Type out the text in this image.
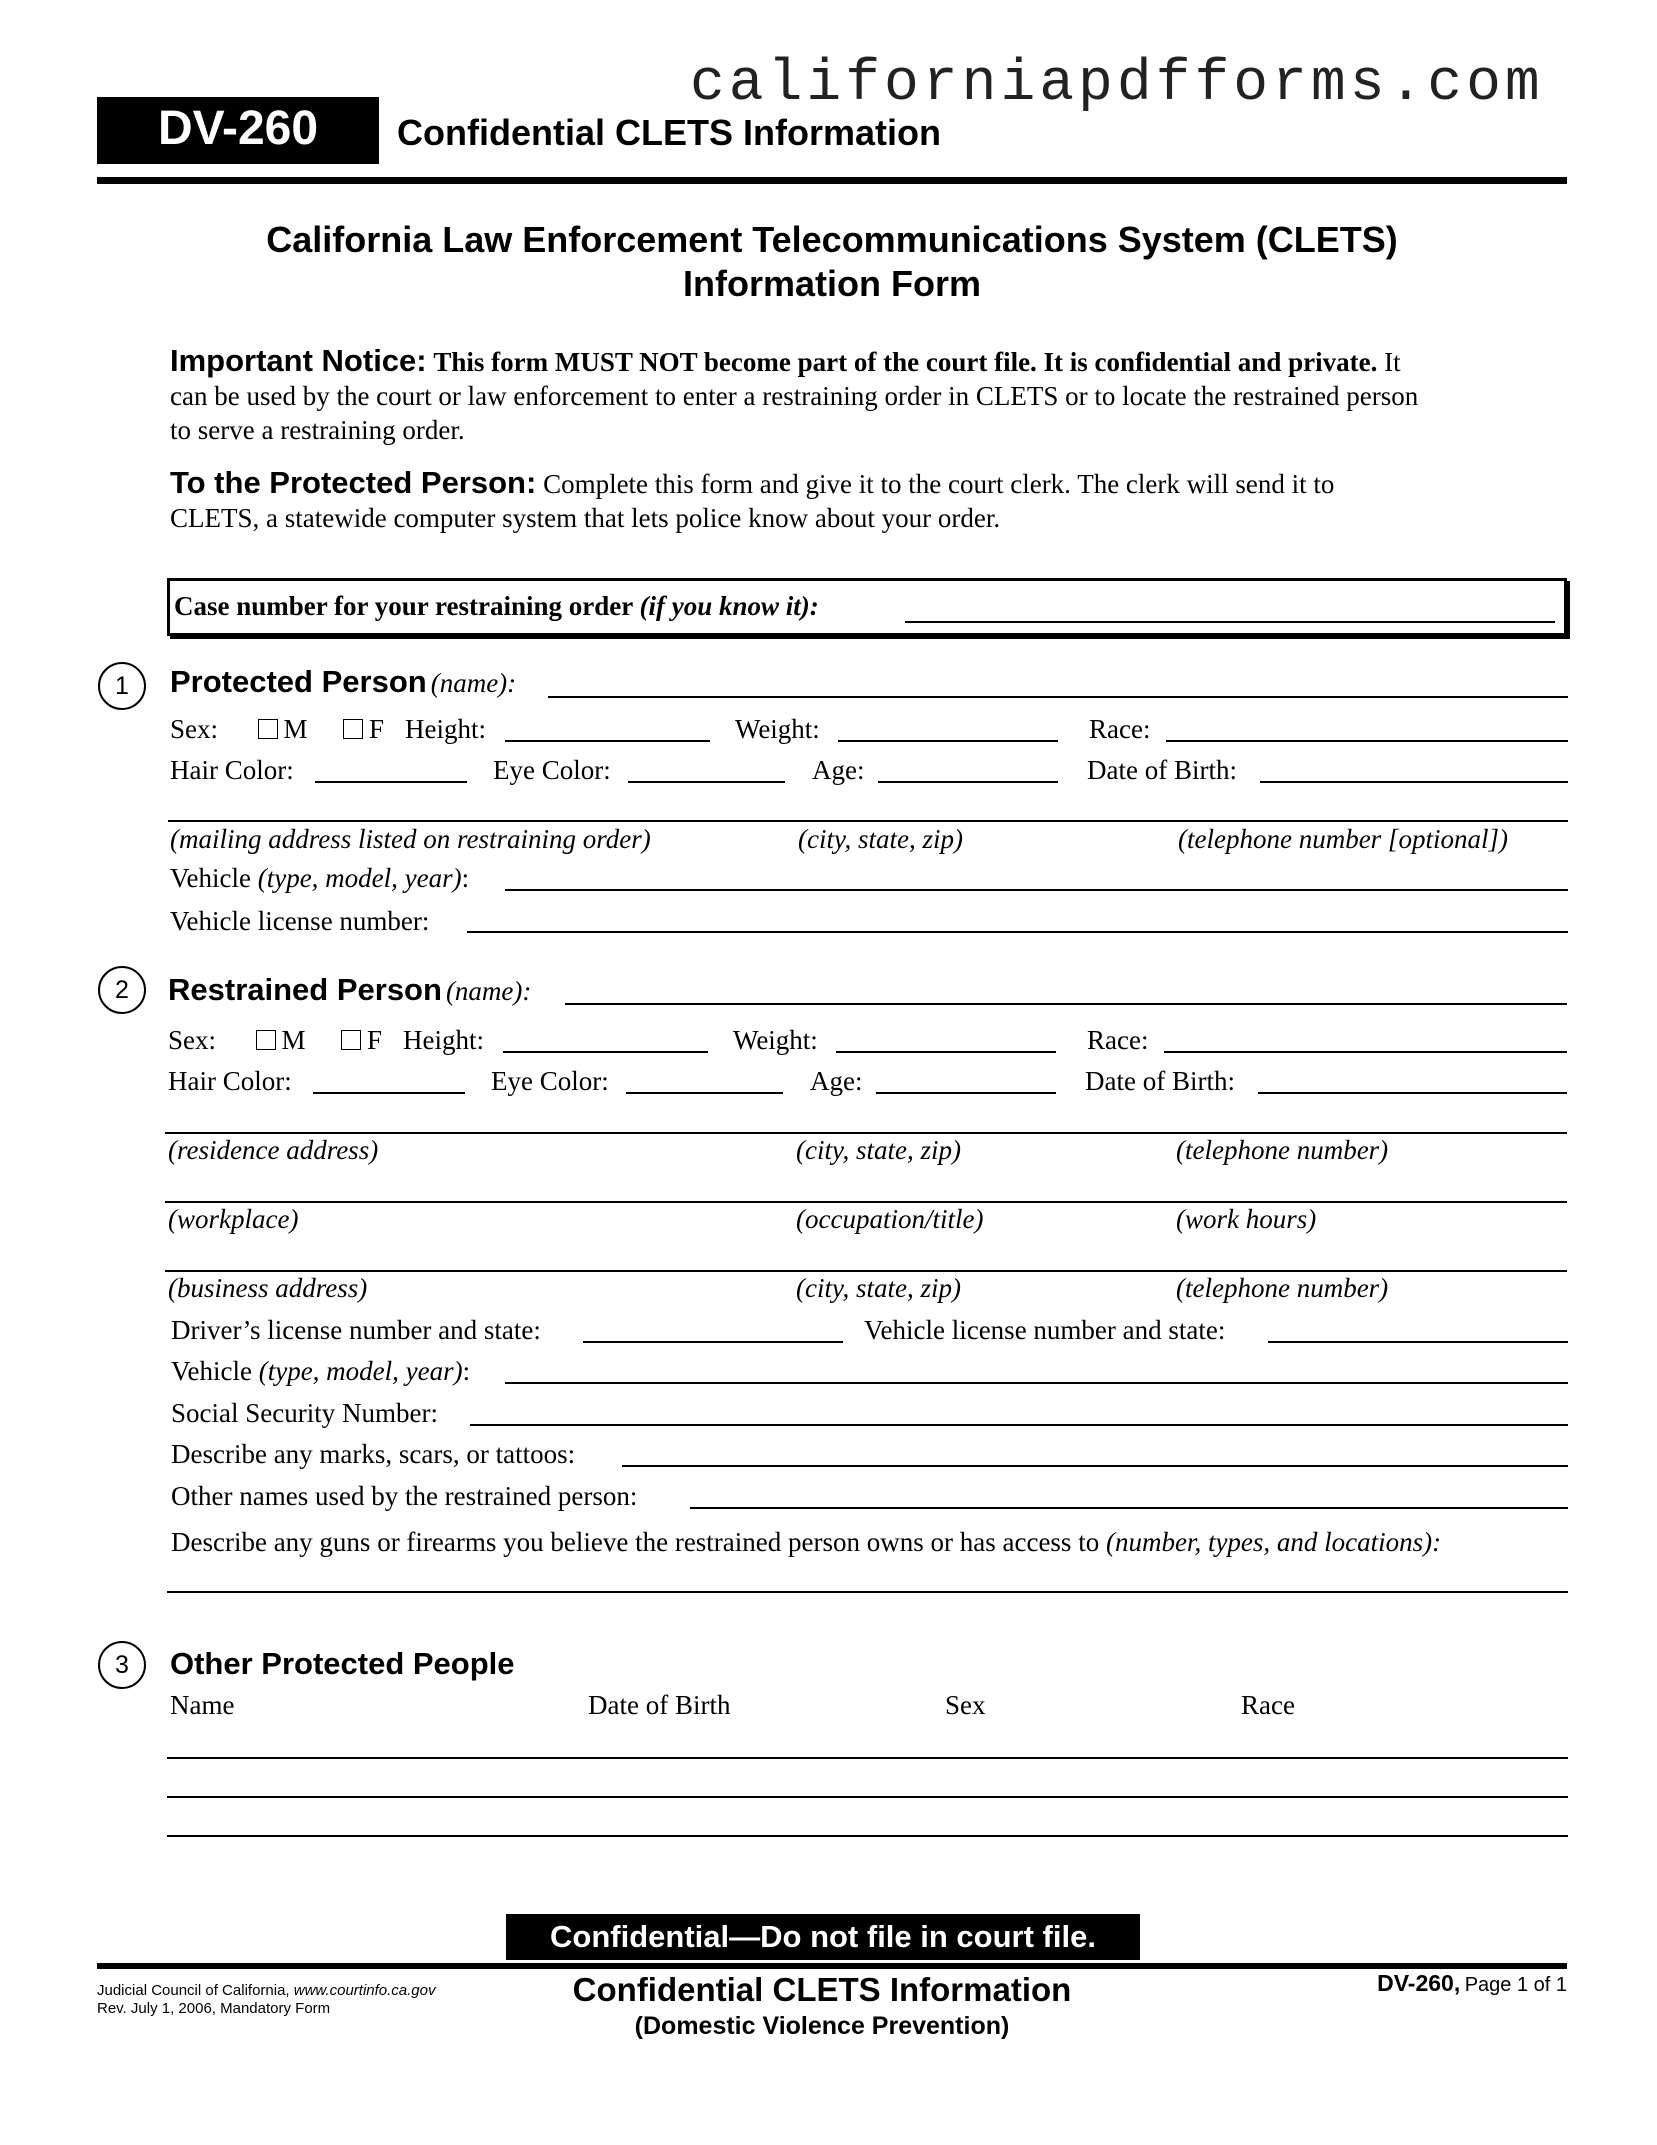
californiapdfforms.com
DV-260	Confidential CLETS Information
California Law Enforcement Telecommunications System (CLETS)
Information Form
Important Notice: This form MUST NOT become part of the court file. It is confidential and private. It
can be used by the court or law enforcement to enter a restraining order in CLETS or to locate the restrained person
to serve a restraining order.
To the Protected Person: Complete this form and give it to the court clerk. The clerk will send it to
CLETS, a statewide computer system that lets police know about your order.
Case number for your restraining order (if you know it):
1	Protected Person (name):
Sex: M F Height:	Weight:	Race:
Hair Color:	Eye Color:	Age:	Date of Birth:
(mailing address listed on restraining order)	(city, state, zip)	(telephone number [optional])
Vehicle (type, model, year):
Vehicle license number:
2	Restrained Person (name):
Sex: M F Height:	Weight:	Race:
Hair Color:	Eye Color:	Age:	Date of Birth:
(residence address)	(city, state, zip)	(telephone number)
(workplace)	(occupation/title)	(work hours)
(business address)	(city, state, zip)	(telephone number)
Driver’s license number and state:	Vehicle license number and state:
Vehicle (type, model, year):
Social Security Number:
Describe any marks, scars, or tattoos:
Other names used by the restrained person:
Describe any guns or firearms you believe the restrained person owns or has access to (number, types, and locations):
3	Other Protected People
Name	Date of Birth	Sex	Race
Confidential—Do not file in court file.
Judicial Council of California, www.courtinfo.ca.gov
Rev. July 1, 2006, Mandatory Form
Confidential CLETS Information
(Domestic Violence Prevention)
DV-260, Page 1 of 1
